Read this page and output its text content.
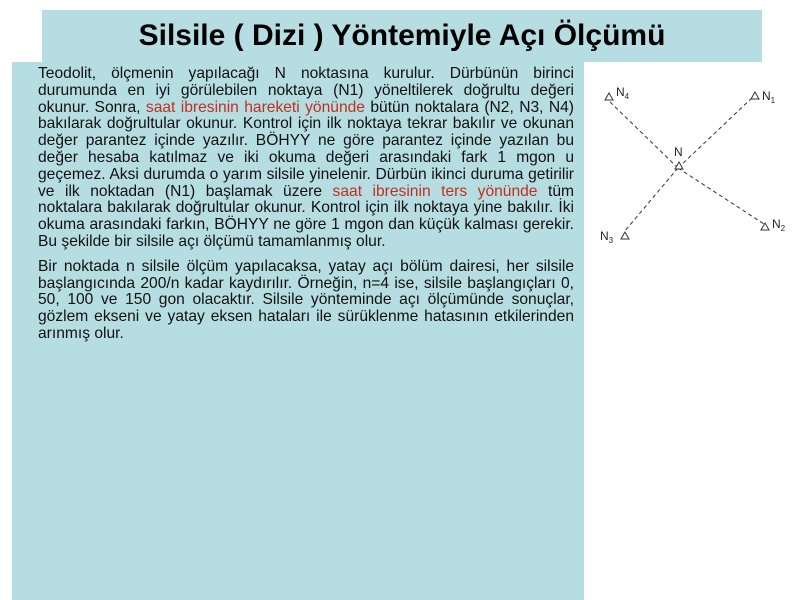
Silsile ( Dizi ) Yöntemiyle Açı Ölçümü

Teodolit, ölçmenin yapılacağı N noktasına kurulur. Dürbünün birinci durumunda en iyi görülebilen noktaya (N1) yöneltilerek doğrultu değeri okunur. Sonra, saat ibresinin hareketi yönünde bütün noktalara (N2, N3, N4) bakılarak doğrultular okunur. Kontrol için ilk noktaya tekrar bakılır ve okunan değer parantez içinde yazılır. BÖHYY ne göre parantez içinde yazılan bu değer hesaba katılmaz ve iki okuma değeri arasındaki fark 1 mgon u geçemez. Aksi durumda o yarım silsile yinelenir. Dürbün ikinci duruma getirilir ve ilk noktadan (N1) başlamak üzere saat ibresinin ters yönünde tüm noktalara bakılarak doğrultular okunur. Kontrol için ilk noktaya yine bakılır. İki okuma arasındaki farkın, BÖHYY ne göre 1 mgon dan küçük kalması gerekir. Bu şekilde bir silsile açı ölçümü tamamlanmış olur.

Bir noktada n silsile ölçüm yapılacaksa, yatay açı bölüm dairesi, her silsile başlangıcında 200/n kadar kaydırılır. Örneğin, n=4 ise, silsile başlangıçları 0, 50, 100 ve 150 gon olacaktır. Silsile yönteminde açı ölçümünde sonuçlar, gözlem ekseni ve yatay eksen hataları ile sürüklenme hatasının etkilerinden arınmış olur.

N
$N_4$	$N_1$
$N_3$
$N_2$
